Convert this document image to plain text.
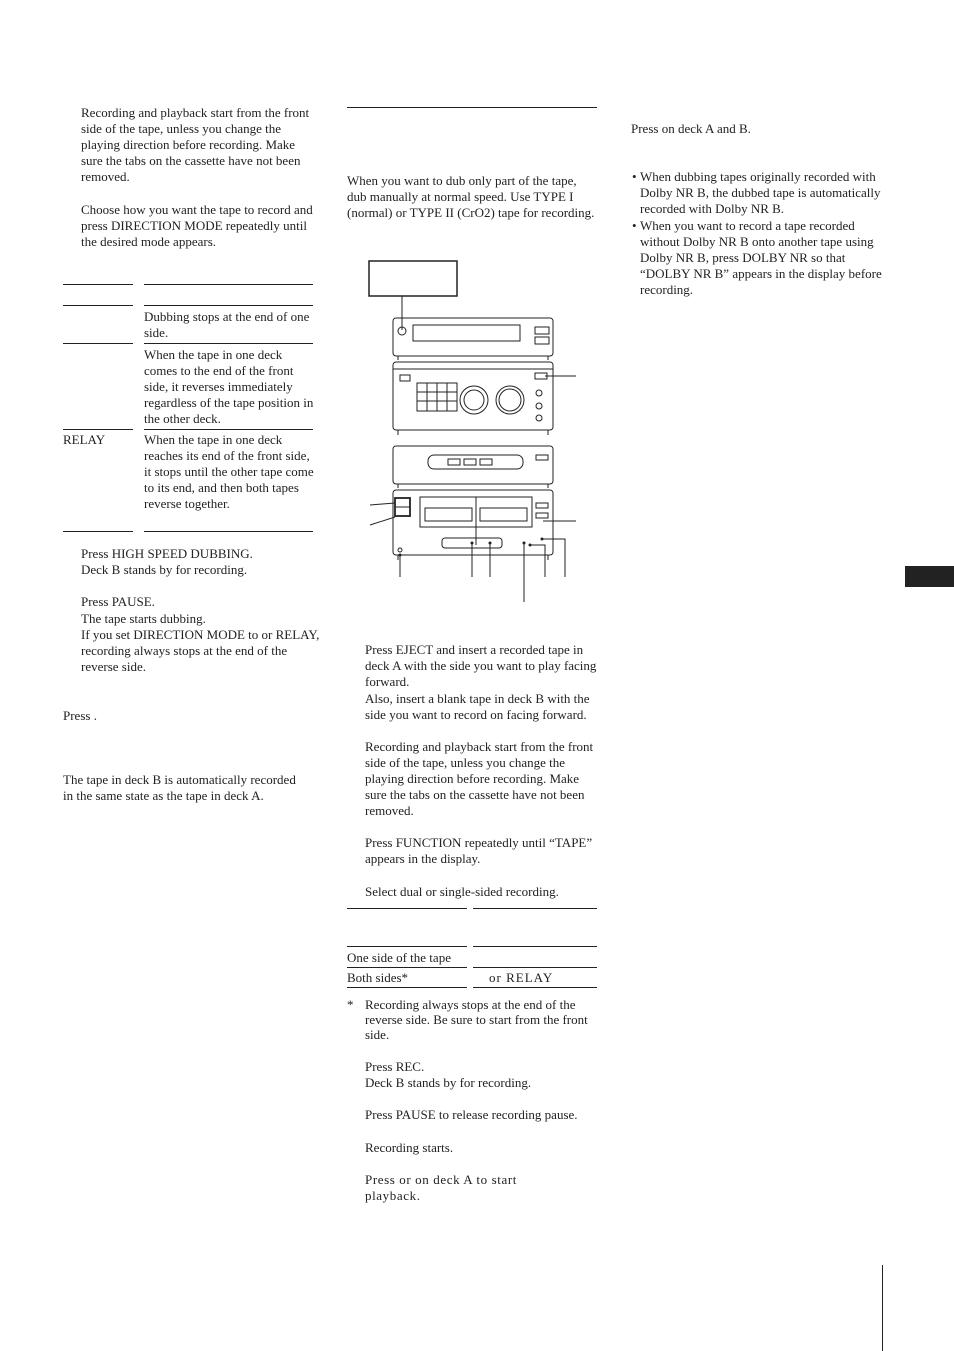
Recording and playback start from the front side of the tape, unless you change the playing direction before recording. Make sure the tabs on the cassette have not been removed.

Choose how you want the tape to record and press DIRECTION MODE repeatedly until the desired mode appears.

Dubbing stops at the end of one side.
When the tape in one deck comes to the end of the front side, it reverses immediately regardless of the tape position in the other deck.
RELAY	When the tape in one deck reaches its end of the front side, it stops until the other tape come to its end, and then both tapes reverse together.

Press HIGH SPEED DUBBING.

Deck B stands by for recording.

Press PAUSE.

The tape starts dubbing.

If you set DIRECTION MODE to or RELAY, recording always stops at the end of the reverse side.

Press .

The tape in deck B is automatically recorded in the same state as the tape in deck A.

When you want to dub only part of the tape, dub manually at normal speed. Use TYPE I (normal) or TYPE II (CrO2) tape for recording.

Press EJECT and insert a recorded tape in deck A with the side you want to play facing forward.

Also, insert a blank tape in deck B with the side you want to record on facing forward.

Recording and playback start from the front side of the tape, unless you change the playing direction before recording. Make sure the tabs on the cassette have not been removed.

Press FUNCTION repeatedly until “TAPE” appears in the display.

Select dual or single-sided recording.

One side of the tape
Both sides*	or RELAY

* Recording always stops at the end of the reverse side. Be sure to start from the front side.

Press REC.

Deck B stands by for recording.

Press PAUSE to release recording pause.

Recording starts.

Press or on deck A to start playback.

Press on deck A and B.

• When dubbing tapes originally recorded with Dolby NR B, the dubbed tape is automatically recorded with Dolby NR B.

• When you want to record a tape recorded without Dolby NR B onto another tape using Dolby NR B, press DOLBY NR so that “DOLBY NR B” appears in the display before recording.
